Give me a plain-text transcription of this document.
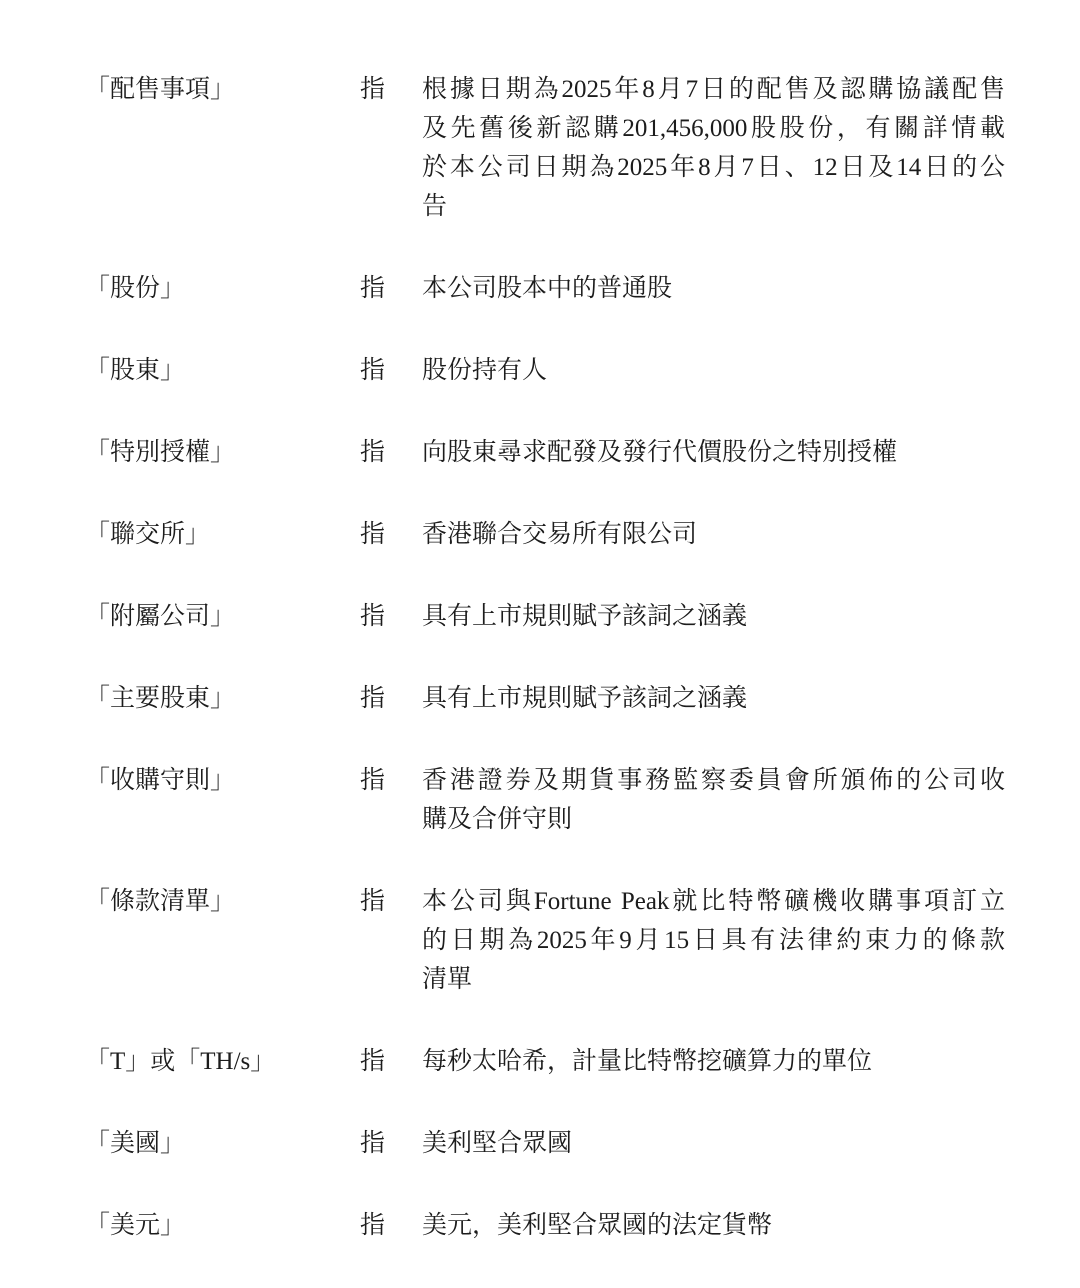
「配售事項」	指	根據日期為2025年8月7日的配售及認購協議配售
及先舊後新認購201,456,000股股份，有關詳情載
於本公司日期為2025年8月7日、12日及14日的公
告
「股份」	指	本公司股本中的普通股
「股東」	指	股份持有人
「特別授權」	指	向股東尋求配發及發行代價股份之特別授權
「聯交所」	指	香港聯合交易所有限公司
「附屬公司」	指	具有上市規則賦予該詞之涵義
「主要股東」	指	具有上市規則賦予該詞之涵義
「收購守則」	指	香港證券及期貨事務監察委員會所頒佈的公司收
購及合併守則
「條款清單」	指	本公司與Fortune Peak就比特幣礦機收購事項訂立
的日期為2025年9月15日具有法律約束力的條款
清單
「T」或「TH/s」	指	每秒太哈希，計量比特幣挖礦算力的單位
「美國」	指	美利堅合眾國
「美元」	指	美元，美利堅合眾國的法定貨幣
